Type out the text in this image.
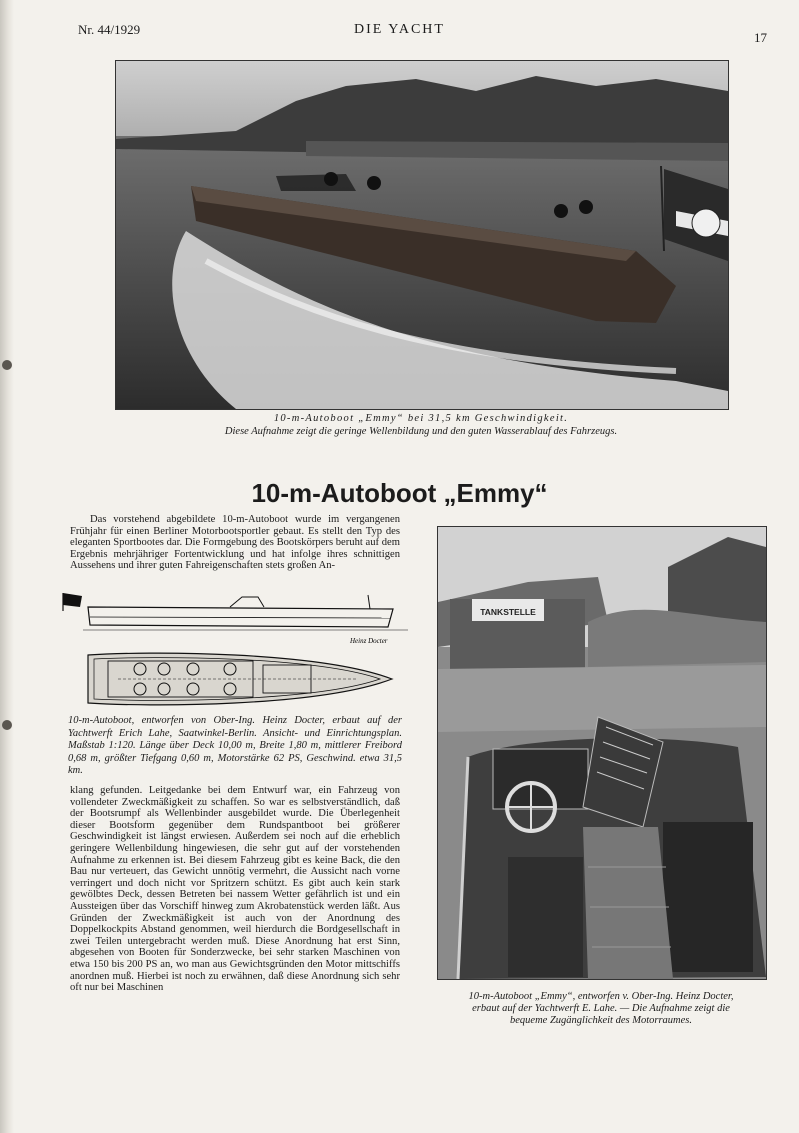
Nr. 44/1929	DIE YACHT
17
10-m-Autoboot „Emmy“ bei 31,5 km Geschwindigkeit.
Diese Aufnahme zeigt die geringe Wellenbildung und den guten Wasserablauf des Fahrzeugs.
10-m-Autoboot „Emmy“

Das vorstehend abgebildete 10-m-Autoboot wurde im vergangenen Frühjahr für einen Berliner Motorbootsportler gebaut. Es stellt den Typ des eleganten Sportbootes dar. Die Formgebung des Bootskörpers beruht auf dem Ergebnis mehrjähriger Fortentwicklung und hat infolge ihres schnittigen Aussehens und ihrer guten Fahreigenschaften stets großen An-

Heinz Docter

10-m-Autoboot, entworfen von Ober-Ing. Heinz Docter, erbaut auf der Yachtwerft Erich Lahe, Saatwinkel-Berlin. Ansicht- und Einrichtungsplan. Maßstab 1:120. Länge über Deck 10,00 m, Breite 1,80 m, mittlerer Freibord 0,68 m, größter Tiefgang 0,60 m, Motorstärke 62 PS, Geschwind. etwa 31,5 km.

klang gefunden. Leitgedanke bei dem Entwurf war, ein Fahrzeug von vollendeter Zweckmäßigkeit zu schaffen. So war es selbstverständlich, daß der Bootsrumpf als Wellenbinder ausgebildet wurde. Die Überlegenheit dieser Bootsform gegenüber dem Rundspantboot bei größerer Geschwindigkeit ist längst erwiesen. Außerdem sei noch auf die erheblich geringere Wellenbildung hingewiesen, die sehr gut auf der vorstehenden Aufnahme zu erkennen ist. Bei diesem Fahrzeug gibt es keine Back, die den Bau nur verteuert, das Gewicht unnötig vermehrt, die Aussicht nach vorne verringert und doch nicht vor Spritzern schützt. Es gibt auch kein stark gewölbtes Deck, dessen Betreten bei nassem Wetter gefährlich ist und ein Aussteigen über das Vorschiff hinweg zum Akrobatenstück werden läßt. Aus Gründen der Zweckmäßigkeit ist auch von der Anordnung des Doppelkockpits Abstand genommen, weil hierdurch die Bordgesellschaft in zwei Teilen untergebracht werden muß. Diese Anordnung hat erst Sinn, abgesehen von Booten für Sonderzwecke, bei sehr starken Maschinen von etwa 150 bis 200 PS an, wo man aus Gewichtsgründen den Motor mittschiffs anordnen muß. Hierbei ist noch zu erwähnen, daß diese Anordnung sich sehr oft nur bei Maschinen

TANKSTELLE
10-m-Autoboot „Emmy“, entworfen v. Ober-Ing. Heinz Docter,
erbaut auf der Yachtwerft E. Lahe. — Die Aufnahme zeigt die
bequeme Zugänglichkeit des Motorraumes.
